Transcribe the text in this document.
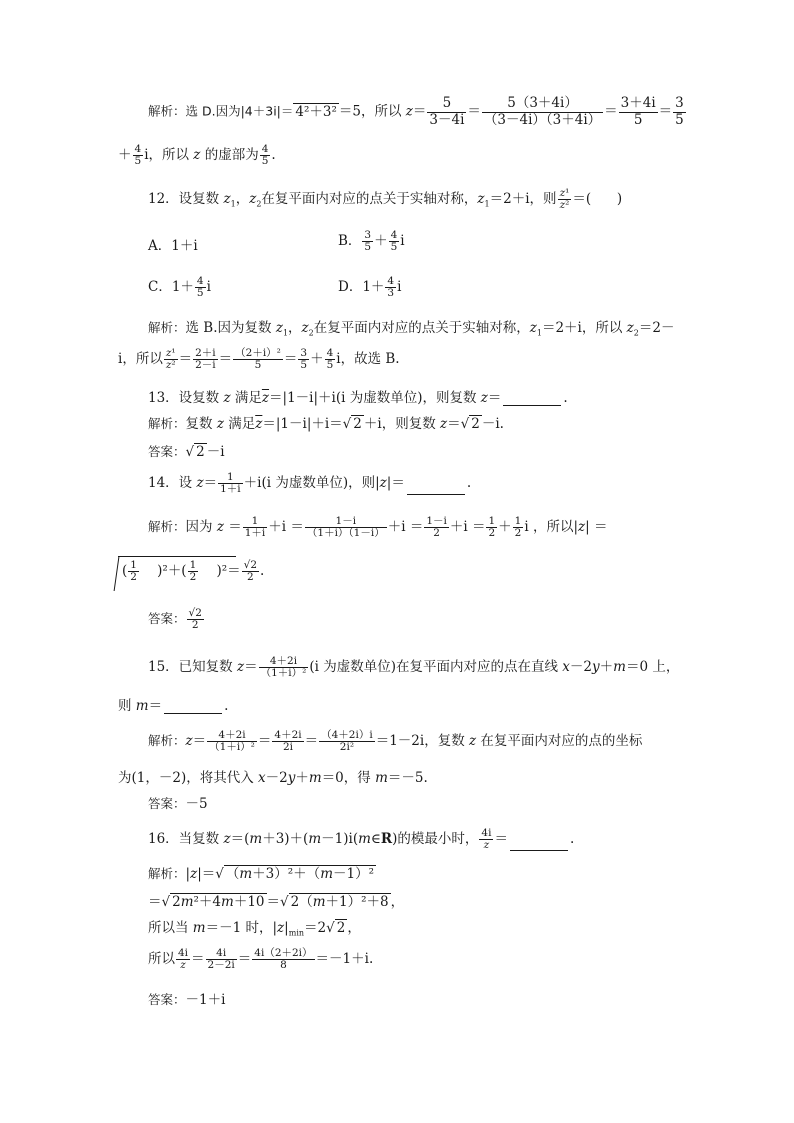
解析：选 D.因为|4＋3i|＝ 4²＋3² ＝5，所以 $z= \frac{5}{3-4i} = \frac{5(3+4i)}{(3-4i)(3+4i)} = \frac{3+4i}{5} = \frac{3}{5}$
＋ $\frac{4}{5}$ i，所以 z 的虚部为 $\frac{4}{5}$ .
12．设复数 $z_1$，$z_2$在复平面内对应的点关于实轴对称，$z_1=2+i$，则 $\frac{\text{z¹}}{\text{z²}}$ ＝(      )
A．1＋i	B． $\frac{3}{5} + \frac{4}{5}$ i
C．$1+ \frac{4}{5}$ i	D．$1+ \frac{4}{3}$ i
解析：选 B.因为复数 $z_1$，$z_2$在复平面内对应的点关于实轴对称，$z_1=2+i$，所以 $z_2=2-$
i，所以 $\frac{\text{z¹}}{\text{z²}} = \frac{2+i}{2-i} = \frac{\text{（2＋i）²}}{5} = \frac{3}{5} + \frac{4}{5}$ i，故选 B.
13．设复数 z 满足$\overline{z}=|1-i|+i(i$ 为虚数单位)，则复数 z＝	.
解析：复数 z 满足$\overline{z}=|1-i|+i=√$ 2 ＋i，则复数 z＝√ 2 －i.
答案：√ 2 －i
14．设 $z= \frac{1}{1+i} +i(i$ 为虚数单位)，则|z|＝	.
解析：因为 $z = \frac{1}{1+i} +i = \frac{1-i}{(1+i)(1-i)} +i = \frac{1-i}{2} +i = \frac{1}{2} + \frac{1}{2}$ i ，所以|z| ＝
( $\frac{1}{2} )^2+( \frac{1}{2} )^2= \frac{√2}{2}$ .
答案： $\frac{√2}{2}$
15．已知复数 $z= \frac{4+2i}{\text{（1＋i）²}} (i$ 为虚数单位)在复平面内对应的点在直线 x－2y＋m＝0 上，
则 m＝	.
解析：$z= \frac{4+2i}{\text{（1＋i）²}} = \frac{4+2i}{2i} = \frac{(4+2i)i}{\text{2i²}} =1-2i$，复数 z 在复平面内对应的点的坐标
为(1，－2)，将其代入 x－2y＋m＝0，得 m＝－5.
答案：－5
16．当复数 z＝(m＋3)＋(m－1)i(m∈R)的模最小时， $\frac{4i}{z}$ ＝	.
解析：|z|＝√ （m＋3）²＋（m－1）²
＝√ 2m²＋4m＋10 ＝√ 2（m＋1）²＋8 ，
所以当 m＝－1 时，$|z|_{min}=2√$ 2 ，
所以 $\frac{4i}{z} = \frac{4i}{2-2i} = \frac{4i(2+2i)}{8} =-1+i$.
答案：－1＋i
